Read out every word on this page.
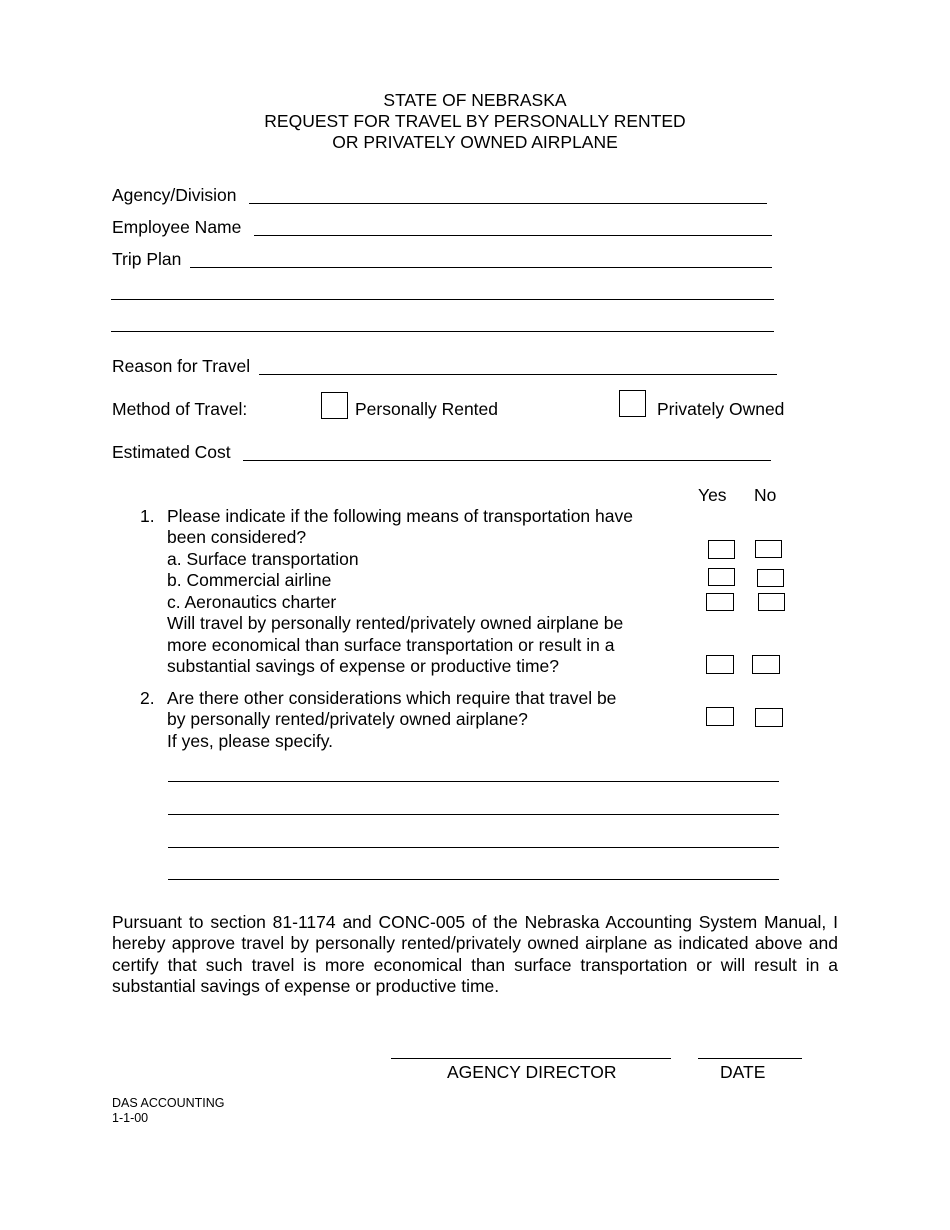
STATE OF NEBRASKA
REQUEST FOR TRAVEL BY PERSONALLY RENTED
OR PRIVATELY OWNED AIRPLANE
Agency/Division
Employee Name
Trip Plan
Reason for Travel
Method of Travel:	Personally Rented	Privately Owned
Estimated Cost
Yes No
1. Please indicate if the following means of transportation have
been considered?
a. Surface transportation
b. Commercial airline
c. Aeronautics charter
Will travel by personally rented/privately owned airplane be
more economical than surface transportation or result in a
substantial savings of expense or productive time?
2. Are there other considerations which require that travel be
by personally rented/privately owned airplane?
If yes, please specify.
Pursuant to section 81-1174 and CONC-005 of the Nebraska Accounting System Manual, I hereby approve travel by personally rented/privately owned airplane as indicated above and certify that such travel is more economical than surface transportation or will result in a substantial savings of expense or productive time.
AGENCY DIRECTOR	DATE
DAS ACCOUNTING
1-1-00
